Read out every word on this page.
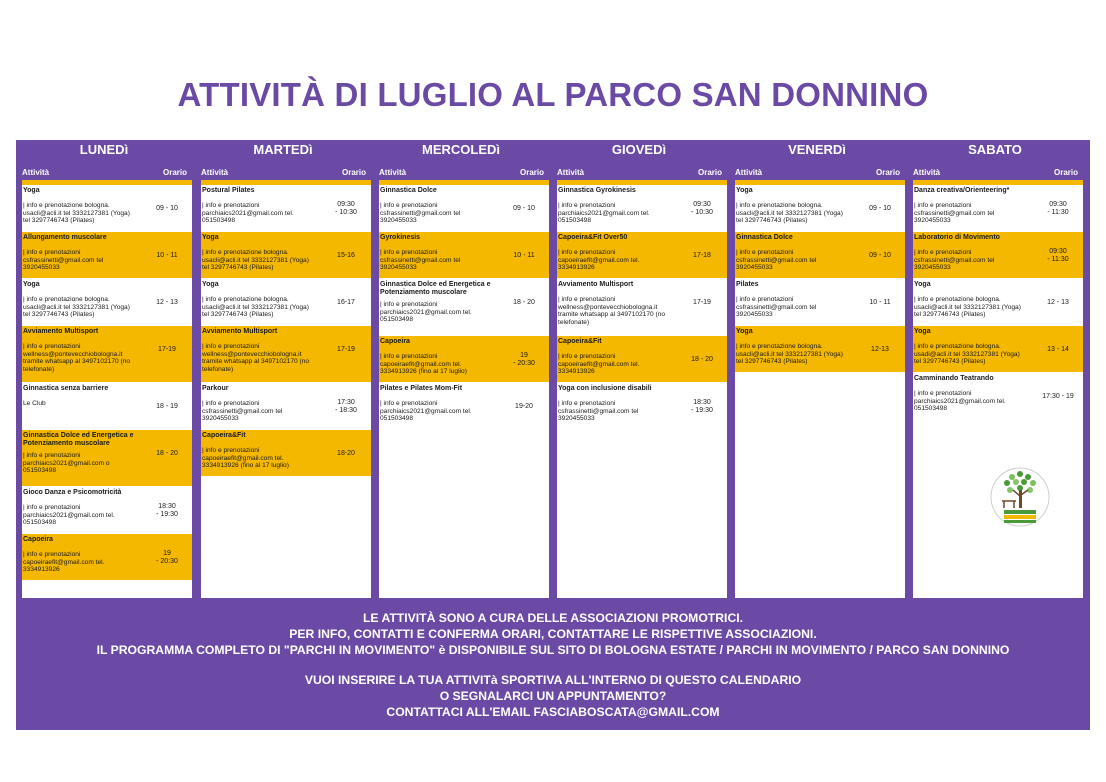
ATTIVITÀ DI LUGLIO AL PARCO SAN DONNINO
LUNEDì
Attività	Orario
Yoga
| info e prenotazione bologna.
usacli@acli.it tel 3332127381 (Yoga)
tel 3297746743 (Pilates)
09 - 10
Allungamento muscolare
| info e prenotazioni
csfrassinetti@gmail.com tel
3920455033
10 - 11
Yoga
| info e prenotazione bologna.
usacli@acli.it tel 3332127381 (Yoga)
tel 3297746743 (Pilates)
12 - 13
Avviamento Multisport
| info e prenotazioni
wellness@pontevecchiobologna.it
tramite whatsapp al 3497102170 (no
telefonate)
17-19
Ginnastica senza barriere
Le Club	18 - 19
Ginnastica Dolce ed Energetica e Potenziamento muscolare
| info e prenotazioni
parchiaics2021@gmail.com o
051503498
18 - 20
Gioco Danza e Psicomotricità
| info e prenotazioni
parchiaics2021@gmail.com tel.
051503498
18:30
- 19:30
Capoeira
| info e prenotazioni
capoeiraefit@gmail.com tel.
3334913926
19
- 20:30
MARTEDì
Attività	Orario
Postural Pilates
| info e prenotazioni
parchiaics2021@gmail.com tel.
051503498
09:30
- 10:30
Yoga
| info e prenotazione bologna.
usacli@acli.it tel 3332127381 (Yoga)
tel 3297746743 (Pilates)
15-16
Yoga
| info e prenotazione bologna.
usacli@acli.it tel 3332127381 (Yoga)
tel 3297746743 (Pilates)
16-17
Avviamento Multisport
| info e prenotazioni
wellness@pontevecchiobologna.it
tramite whatsapp al 3497102170 (no
telefonate)
17-19
Parkour
| info e prenotazioni
csfrassinetti@gmail.com tel
3920455033
17:30
- 18:30
Capoeira&Fit
| info e prenotazioni
capoeiraefit@gmail.com tel.
3334913926 (fino al 17 luglio)
18-20
MERCOLEDì
Attività	Orario
Ginnastica Dolce
| info e prenotazioni
csfrassinetti@gmail.com tel
3920455033
09 - 10
Gyrokinesis
| info e prenotazioni
csfrassinetti@gmail.com tel
3920455033
10 - 11
Ginnastica Dolce ed Energetica e Potenziamento muscolare
| info e prenotazioni
parchiaics2021@gmail.com tel.
051503498
18 - 20
Capoeira
| info e prenotazioni
capoeiraefit@gmail.com tel.
3334913926 (fino al 17 luglio)
19
- 20:30
Pilates e Pilates Mom-Fit
| info e prenotazioni
parchiaics2021@gmail.com tel.
051503498
19-20
GIOVEDì
Attività	Orario
Ginnastica Gyrokinesis
| info e prenotazioni
parchiaics2021@gmail.com tel.
051503498
09:30
- 10:30
Capoeira&Fit Over50
| info e prenotazioni
capoeiraefit@gmail.com tel.
3334913926
17-18
Avviamento Multisport
| info e prenotazioni
wellness@pontevecchiobologna.it
tramite whatsapp al 3497102170 (no
telefonate)
17-19
Capoeira&Fit
| info e prenotazioni
capoeiraefit@gmail.com tel.
3334913926
18 - 20
Yoga con inclusione disabili
| info e prenotazioni
csfrassinetti@gmail.com tel
3920455033
18:30
- 19:30
VENERDì
Attività	Orario
Yoga
| info e prenotazione bologna.
usacli@acli.it tel 3332127381 (Yoga)
tel 3297746743 (Pilates)
09 - 10
Ginnastica Dolce
| info e prenotazioni
csfrassinetti@gmail.com tel
3920455033
09 - 10
Pilates
| info e prenotazioni
csfrassinetti@gmail.com tel
3920455033
10 - 11
Yoga
| info e prenotazione bologna.
usacli@acli.it tel 3332127381 (Yoga)
tel 3297746743 (Pilates)
12-13
SABATO
Attività	Orario
Danza creativa/Orienteering*
| info e prenotazioni
csfrassinetti@gmail.com tel
3920455033
09:30
- 11:30
Laboratorio di Movimento
| info e prenotazioni
csfrassinetti@gmail.com tel
3920455033
09:30
- 11:30
Yoga
| info e prenotazione bologna.
usacli@acli.it tel 3332127381 (Yoga)
tel 3297746743 (Pilates)
12 - 13
Yoga
| info e prenotazione bologna.
usadi@acli.it tel 3332127381 (Yoga)
tel 3297746743 (Pilates)
13 - 14
Camminando Teatrando
| info e prenotazioni
parchiaics2021@gmail.com tel.
051503498
17:30 - 19
LE ATTIVITÀ SONO A CURA DELLE ASSOCIAZIONI PROMOTRICI.
PER INFO, CONTATTI E CONFERMA ORARI, CONTATTARE LE RISPETTIVE ASSOCIAZIONI.
IL PROGRAMMA COMPLETO DI "PARCHI IN MOVIMENTO" è DISPONIBILE SUL SITO DI BOLOGNA ESTATE / PARCHI IN MOVIMENTO / PARCO SAN DONNINO
VUOI INSERIRE LA TUA ATTIVITà SPORTIVA ALL'INTERNO DI QUESTO CALENDARIO
O SEGNALARCI UN APPUNTAMENTO?
CONTATTACI ALL'EMAIL FASCIABOSCATA@GMAIL.COM
